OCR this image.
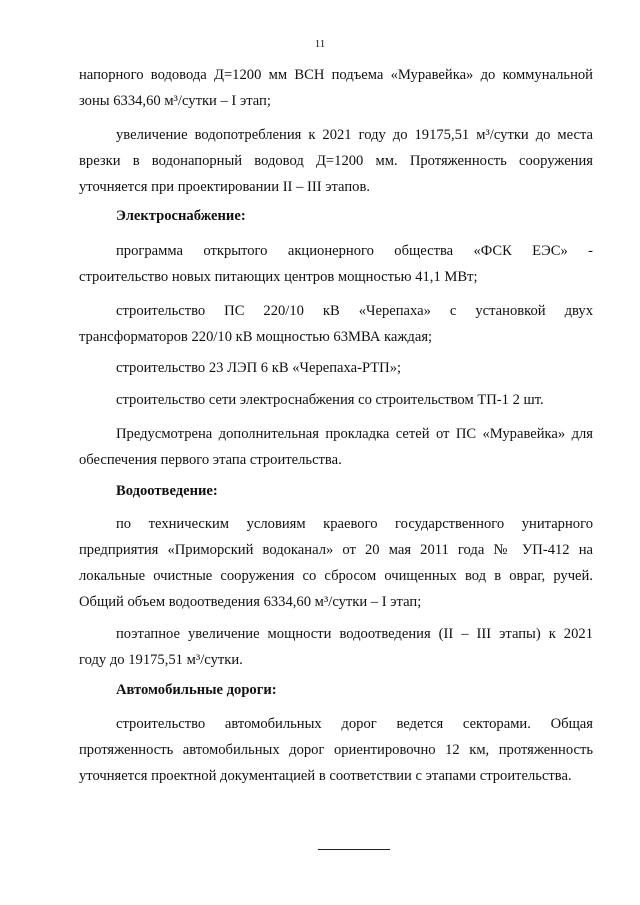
11
напорного водовода Д=1200 мм ВСН подъема «Муравейка» до коммунальной
зоны 6334,60 м³/сутки – I этап;
увеличение водопотребления к 2021 году до 19175,51 м³/сутки до места
врезки в водонапорный водовод Д=1200 мм. Протяженность сооружения
уточняется при проектировании II – III этапов.
Электроснабжение:
программа открытого акционерного общества «ФСК ЕЭС» -
строительство новых питающих центров мощностью 41,1 МВт;
строительство ПС 220/10 кВ «Черепаха» с установкой двух
трансформаторов 220/10 кВ мощностью 63МВА каждая;
строительство 23 ЛЭП 6 кВ «Черепаха-РТП»;
строительство сети электроснабжения со строительством ТП-1 2 шт.
Предусмотрена дополнительная прокладка сетей от ПС «Муравейка» для
обеспечения первого этапа строительства.
Водоотведение:
по техническим условиям краевого государственного унитарного
предприятия «Приморский водоканал» от 20 мая 2011 года № УП-412 на
локальные очистные сооружения со сбросом очищенных вод в овраг, ручей.
Общий объем водоотведения 6334,60 м³/сутки – I этап;
поэтапное увеличение мощности водоотведения (II – III этапы) к 2021
году до 19175,51 м³/сутки.
Автомобильные дороги:
строительство автомобильных дорог ведется секторами. Общая
протяженность автомобильных дорог ориентировочно 12 км, протяженность
уточняется проектной документацией в соответствии с этапами строительства.
